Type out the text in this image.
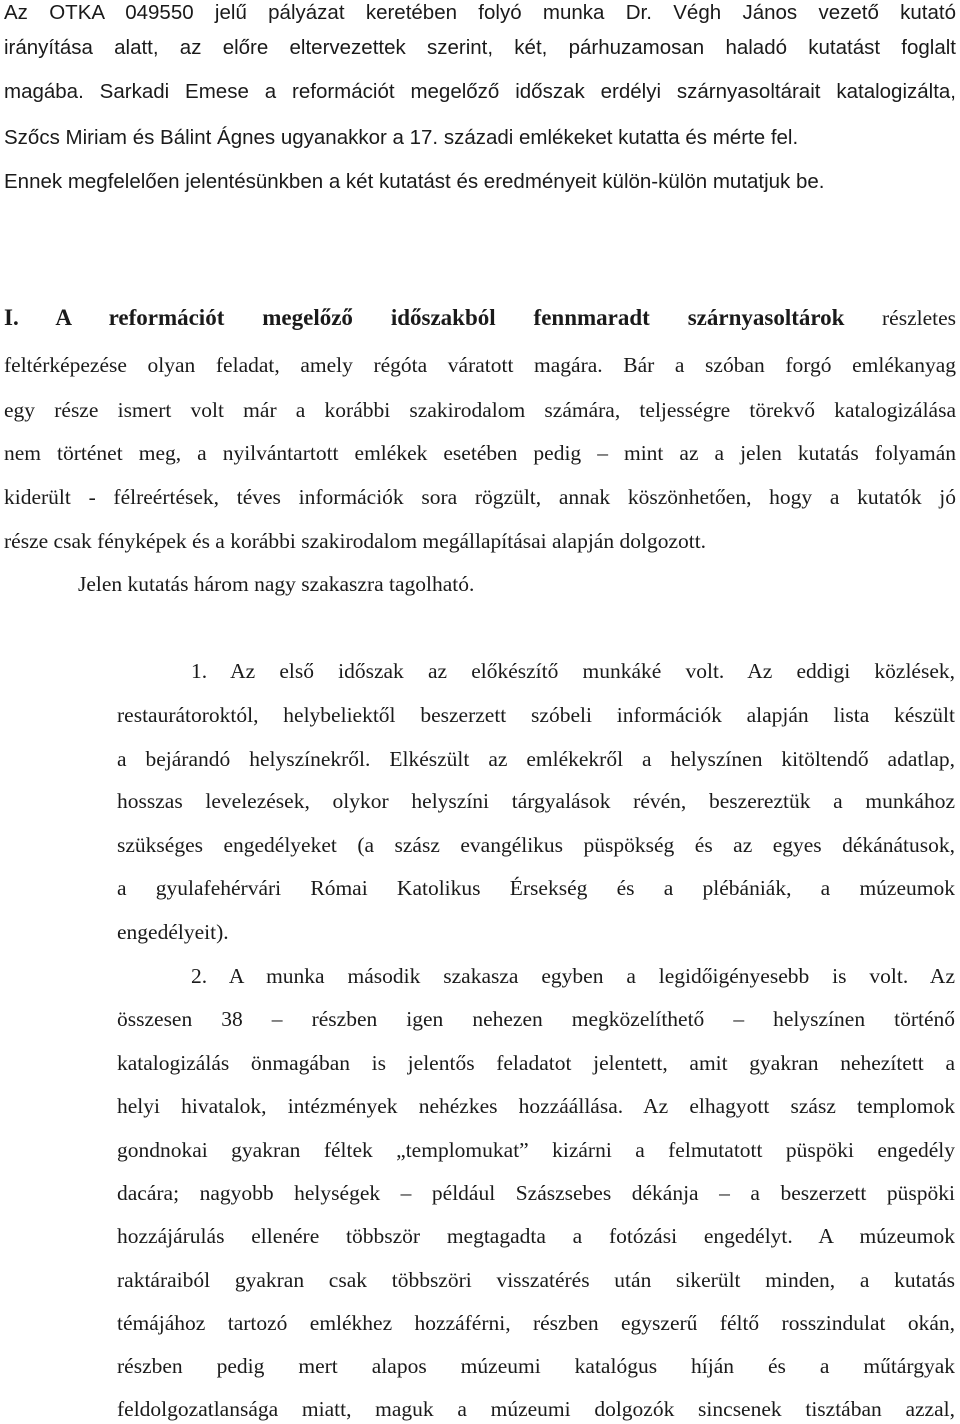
Az OTKA 049550 jelű pályázat keretében folyó munka Dr. Végh János vezető kutató
irányítása alatt, az előre eltervezettek szerint, két, párhuzamosan haladó kutatást foglalt
magába. Sarkadi Emese a reformációt megelőző időszak erdélyi szárnyasoltárait katalogizálta,
Szőcs Miriam és Bálint Ágnes ugyanakkor a 17. századi emlékeket kutatta és mérte fel.
Ennek megfelelően jelentésünkben a két kutatást és eredményeit külön-külön mutatjuk be.
I. A reformációt megelőző időszakból fennmaradt szárnyasoltárok részletes
feltérképezése olyan feladat, amely régóta váratott magára. Bár a szóban forgó emlékanyag
egy része ismert volt már a korábbi szakirodalom számára, teljességre törekvő katalogizálása
nem történet meg, a nyilvántartott emlékek esetében pedig – mint az a jelen kutatás folyamán
kiderült - félreértések, téves információk sora rögzült, annak köszönhetően, hogy a kutatók jó
része csak fényképek és a korábbi szakirodalom megállapításai alapján dolgozott.
Jelen kutatás három nagy szakaszra tagolható.
1. Az első időszak az előkészítő munkáké volt. Az eddigi közlések,
restaurátoroktól, helybeliektől beszerzett szóbeli információk alapján lista készült
a bejárandó helyszínekről. Elkészült az emlékekről a helyszínen kitöltendő adatlap,
hosszas levelezések, olykor helyszíni tárgyalások révén, beszereztük a munkához
szükséges engedélyeket (a szász evangélikus püspökség és az egyes dékánátusok,
a gyulafehérvári Római Katolikus Érsekség és a plébániák, a múzeumok
engedélyeit).
2. A munka második szakasza egyben a legidőigényesebb is volt. Az
összesen 38 – részben igen nehezen megközelíthető – helyszínen történő
katalogizálás önmagában is jelentős feladatot jelentett, amit gyakran nehezített a
helyi hivatalok, intézmények nehézkes hozzáállása. Az elhagyott szász templomok
gondnokai gyakran féltek „templomukat” kizárni a felmutatott püspöki engedély
dacára; nagyobb helységek – például Szászsebes dékánja – a beszerzett püspöki
hozzájárulás ellenére többször megtagadta a fotózási engedélyt. A múzeumok
raktáraiból gyakran csak többszöri visszatérés után sikerült minden, a kutatás
témájához tartozó emlékhez hozzáférni, részben egyszerű féltő rosszindulat okán,
részben pedig mert alapos múzeumi katalógus híján és a műtárgyak
feldolgozatlansága miatt, maguk a múzeumi dolgozók sincsenek tisztában azzal,
